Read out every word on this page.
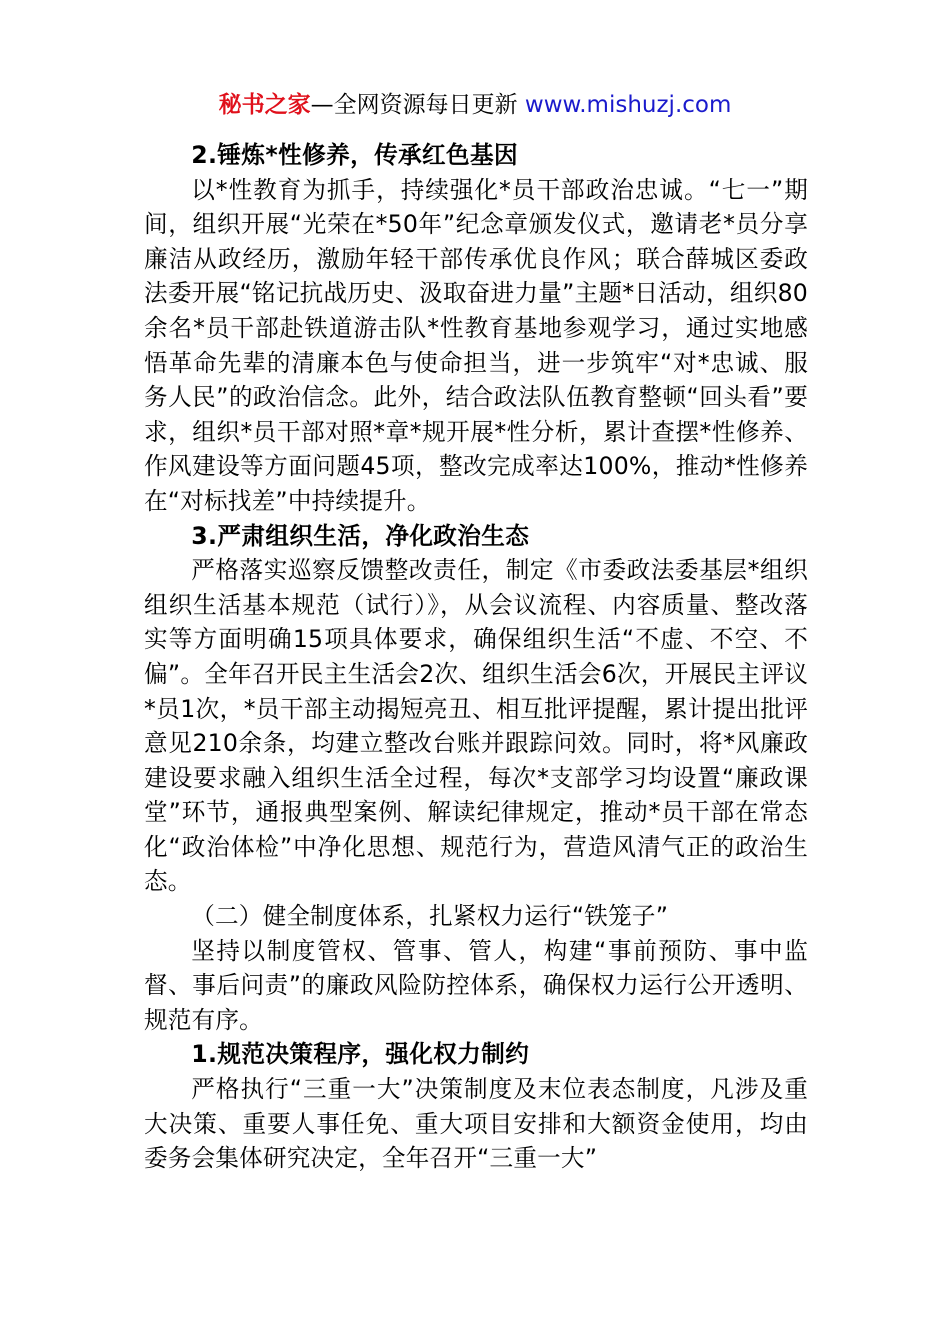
秘书之家—全网资源每日更新 www.mishuzj.com

2.锤炼*性修养，传承红色基因

以*性教育为抓手，持续强化*员干部政治忠诚。“七一”期间，组织开展“光荣在*50年”纪念章颁发仪式，邀请老*员分享廉洁从政经历，激励年轻干部传承优良作风；联合薛城区委政法委开展“铭记抗战历史、汲取奋进力量”主题*日活动，组织80余名*员干部赴铁道游击队*性教育基地参观学习，通过实地感悟革命先辈的清廉本色与使命担当，进一步筑牢“对*忠诚、服务人民”的政治信念。此外，结合政法队伍教育整顿“回头看”要求，组织*员干部对照*章*规开展*性分析，累计查摆*性修养、作风建设等方面问题45项，整改完成率达100%，推动*性修养在“对标找差”中持续提升。

3.严肃组织生活，净化政治生态

严格落实巡察反馈整改责任，制定《市委政法委基层*组织组织生活基本规范（试行）》，从会议流程、内容质量、整改落实等方面明确15项具体要求，确保组织生活“不虚、不空、不偏”。全年召开民主生活会2次、组织生活会6次，开展民主评议*员1次，*员干部主动揭短亮丑、相互批评提醒，累计提出批评意见210余条，均建立整改台账并跟踪问效。同时，将*风廉政建设要求融入组织生活全过程，每次*支部学习均设置“廉政课堂”环节，通报典型案例、解读纪律规定，推动*员干部在常态化“政治体检”中净化思想、规范行为，营造风清气正的政治生态。

（二）健全制度体系，扎紧权力运行“铁笼子”

坚持以制度管权、管事、管人，构建“事前预防、事中监督、事后问责”的廉政风险防控体系，确保权力运行公开透明、规范有序。

1.规范决策程序，强化权力制约

严格执行“三重一大”决策制度及末位表态制度，凡涉及重大决策、重要人事任免、重大项目安排和大额资金使用，均由委务会集体研究决定，全年召开“三重一大”
